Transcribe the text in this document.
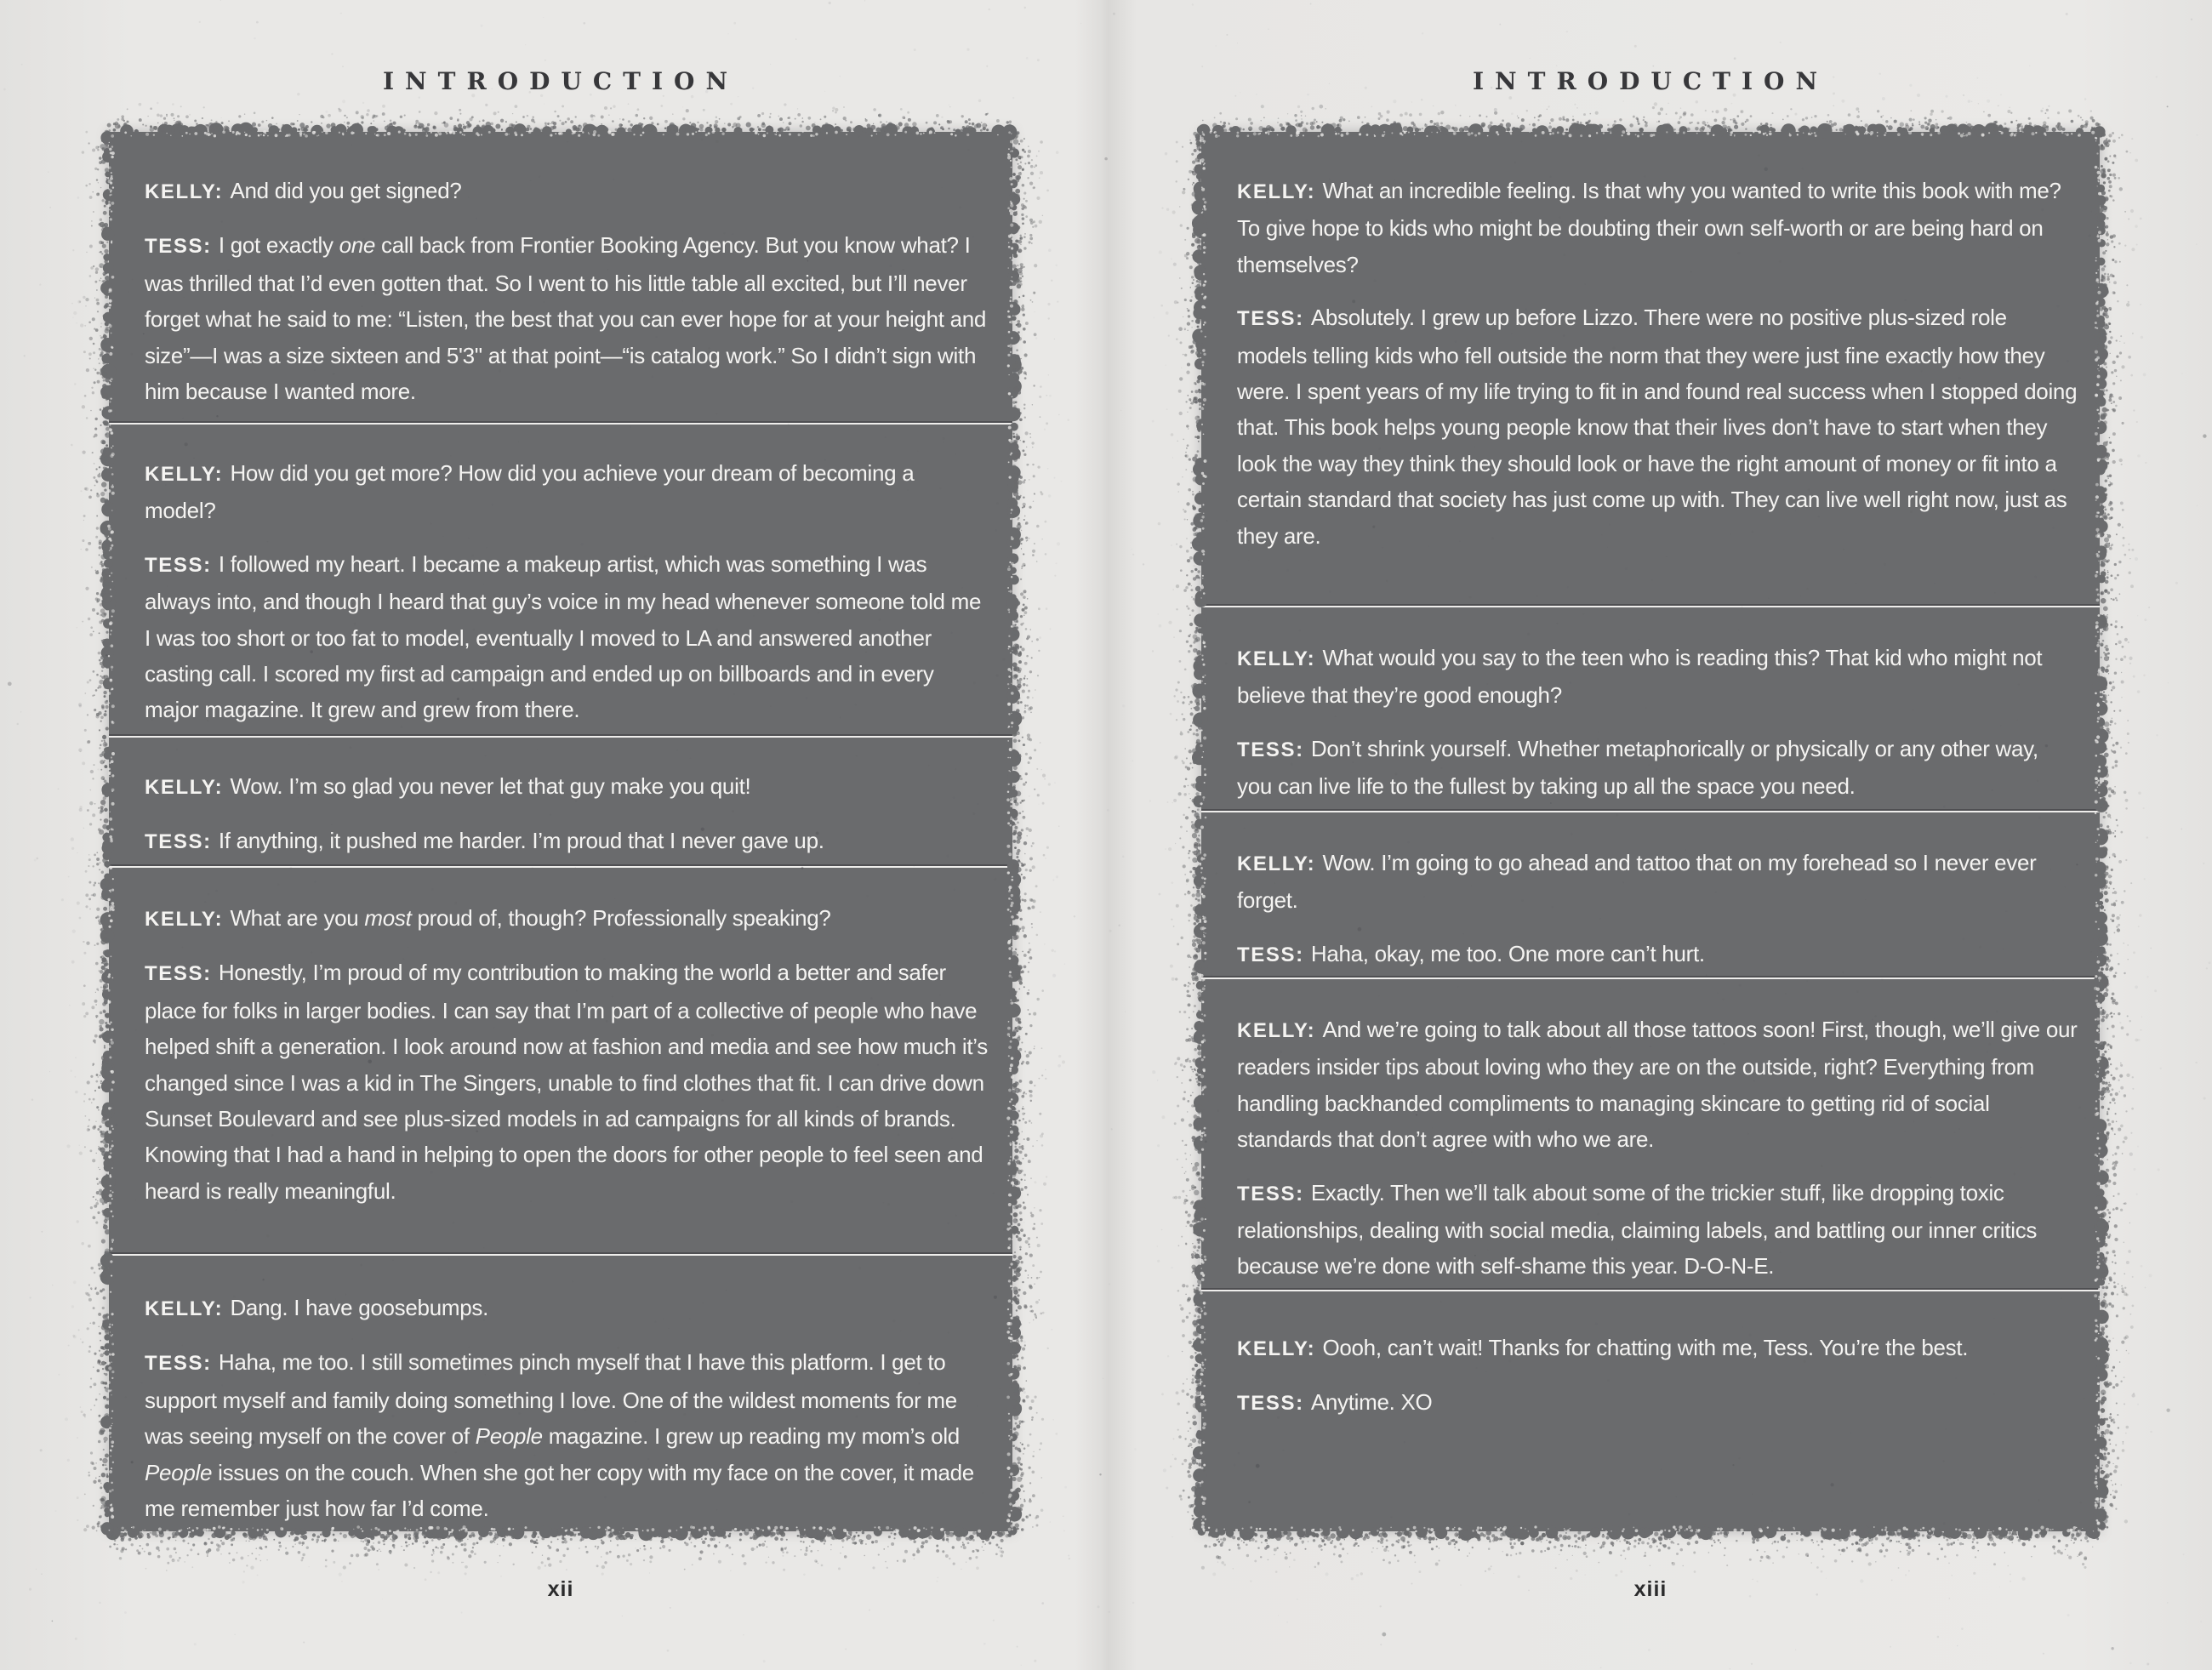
INTRODUCTION

KELLY: And did you get signed?

TESS: I got exactly one call back from Frontier Booking Agency. But you know what? I was thrilled that I’d even gotten that. So I went to his little table all excited, but I’ll never forget what he said to me: “Listen, the best that you can ever hope for at your height and size”—I was a size sixteen and 5'3" at that point—“is catalog work.” So I didn’t sign with him because I wanted more.

KELLY: How did you get more? How did you achieve your dream of becoming a model?

TESS: I followed my heart. I became a makeup artist, which was something I was always into, and though I heard that guy’s voice in my head whenever someone told me I was too short or too fat to model, eventually I moved to LA and answered another casting call. I scored my first ad campaign and ended up on billboards and in every major magazine. It grew and grew from there.

KELLY: Wow. I’m so glad you never let that guy make you quit!

TESS: If anything, it pushed me harder. I’m proud that I never gave up.

KELLY: What are you most proud of, though? Professionally speaking?

TESS: Honestly, I’m proud of my contribution to making the world a better and safer place for folks in larger bodies. I can say that I’m part of a collective of people who have helped shift a generation. I look around now at fashion and media and see how much it’s changed since I was a kid in The Singers, unable to find clothes that fit. I can drive down Sunset Boulevard and see plus-sized models in ad campaigns for all kinds of brands. Knowing that I had a hand in helping to open the doors for other people to feel seen and heard is really meaningful.

KELLY: Dang. I have goosebumps.

TESS: Haha, me too. I still sometimes pinch myself that I have this platform. I get to support myself and family doing something I love. One of the wildest moments for me was seeing myself on the cover of People magazine. I grew up reading my mom’s old People issues on the couch. When she got her copy with my face on the cover, it made me remember just how far I’d come.

xii
INTRODUCTION

KELLY: What an incredible feeling. Is that why you wanted to write this book with me? To give hope to kids who might be doubting their own self-worth or are being hard on themselves?

TESS: Absolutely. I grew up before Lizzo. There were no positive plus-sized role models telling kids who fell outside the norm that they were just fine exactly how they were. I spent years of my life trying to fit in and found real success when I stopped doing that. This book helps young people know that their lives don’t have to start when they look the way they think they should look or have the right amount of money or fit into a certain standard that society has just come up with. They can live well right now, just as they are.

KELLY: What would you say to the teen who is reading this? That kid who might not believe that they’re good enough?

TESS: Don’t shrink yourself. Whether metaphorically or physically or any other way, you can live life to the fullest by taking up all the space you need.

KELLY: Wow. I’m going to go ahead and tattoo that on my forehead so I never ever forget.

TESS: Haha, okay, me too. One more can’t hurt.

KELLY: And we’re going to talk about all those tattoos soon! First, though, we’ll give our readers insider tips about loving who they are on the outside, right? Everything from handling backhanded compliments to managing skincare to getting rid of social standards that don’t agree with who we are.

TESS: Exactly. Then we’ll talk about some of the trickier stuff, like dropping toxic relationships, dealing with social media, claiming labels, and battling our inner critics because we’re done with self-shame this year. D-O-N-E.

KELLY: Oooh, can’t wait! Thanks for chatting with me, Tess. You’re the best.

TESS: Anytime. XO

xiii
